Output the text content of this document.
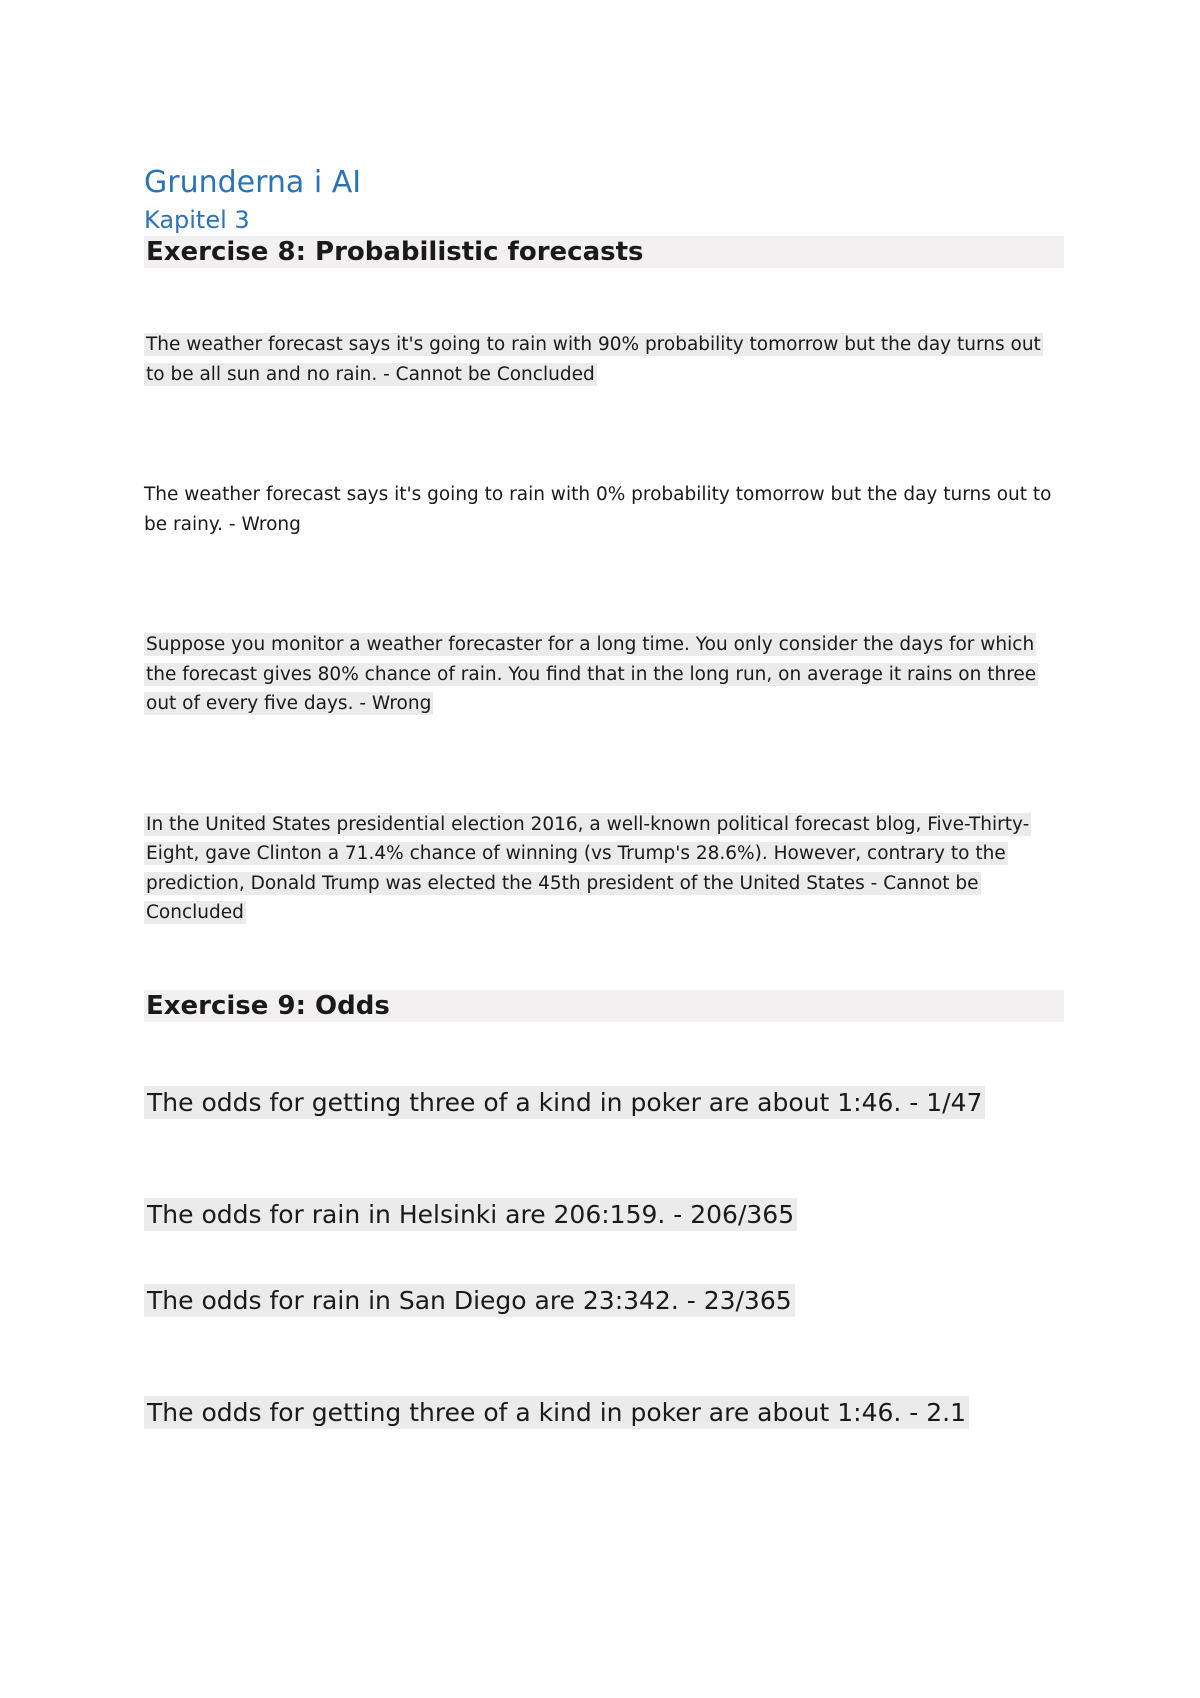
Grunderna i AI
Kapitel 3
Exercise 8: Probabilistic forecasts

The weather forecast says it's going to rain with 90% probability tomorrow but the day turns out to be all sun and no rain. - Cannot be Concluded

The weather forecast says it's going to rain with 0% probability tomorrow but the day turns out to be rainy. - Wrong

Suppose you monitor a weather forecaster for a long time. You only consider the days for which the forecast gives 80% chance of rain. You find that in the long run, on average it rains on three out of every five days. - Wrong

In the United States presidential election 2016, a well-known political forecast blog, Five-Thirty-Eight, gave Clinton a 71.4% chance of winning (vs Trump's 28.6%). However, contrary to the prediction, Donald Trump was elected the 45th president of the United States - Cannot be Concluded

Exercise 9: Odds

The odds for getting three of a kind in poker are about 1:46. - 1/47

The odds for rain in Helsinki are 206:159. - 206/365

The odds for rain in San Diego are 23:342. - 23/365

The odds for getting three of a kind in poker are about 1:46. - 2.1
